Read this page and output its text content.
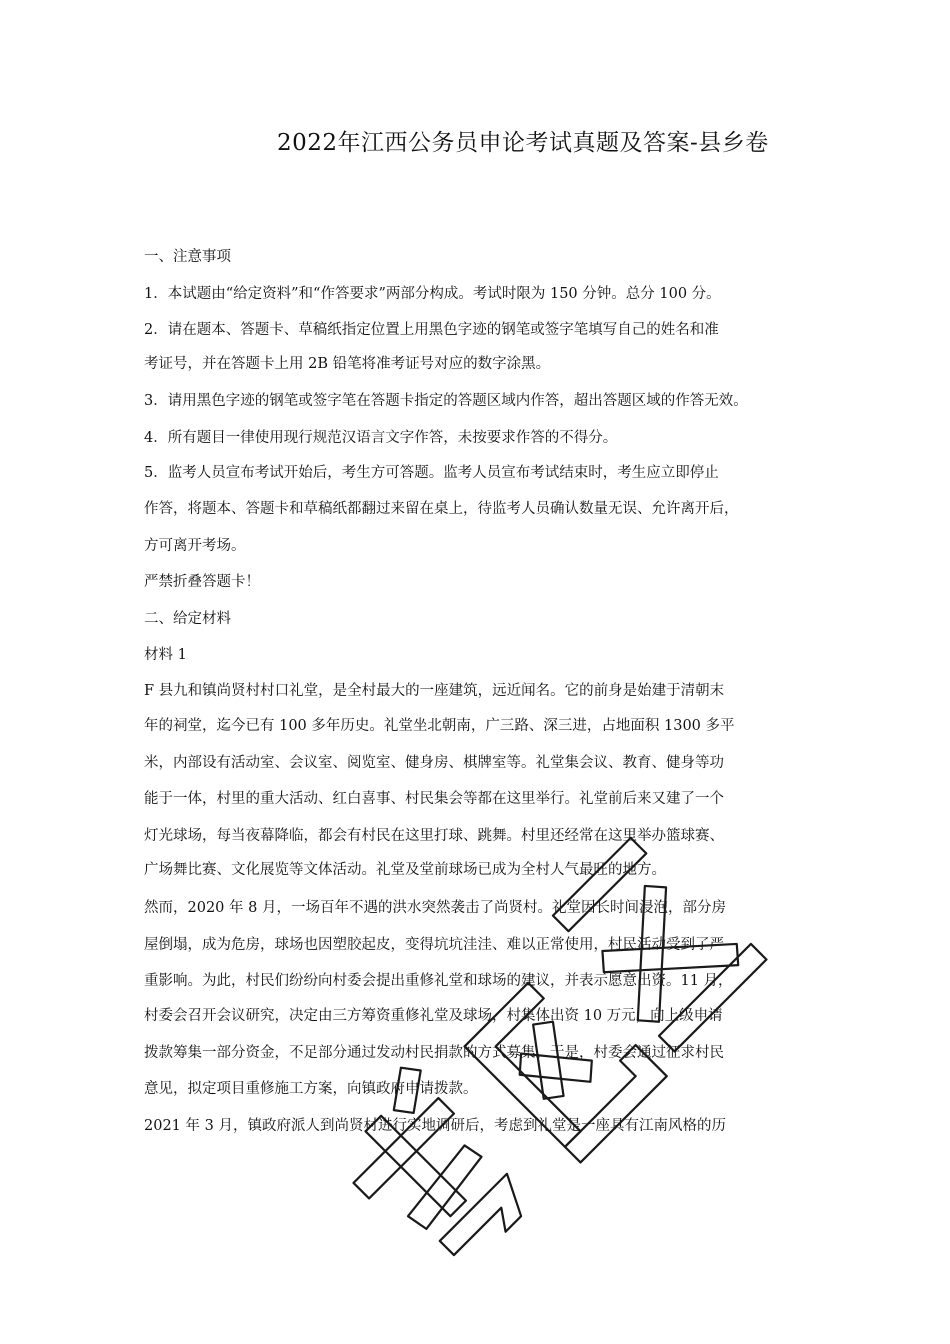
2022年江西公务员申论考试真题及答案-县乡卷
一、注意事项
1．本试题由“给定资料”和“作答要求”两部分构成。考试时限为 150 分钟。总分 100 分。
2．请在题本、答题卡、草稿纸指定位置上用黑色字迹的钢笔或签字笔填写自己的姓名和准
考证号，并在答题卡上用 2B 铅笔将准考证号对应的数字涂黑。
3．请用黑色字迹的钢笔或签字笔在答题卡指定的答题区域内作答，超出答题区域的作答无效。
4．所有题目一律使用现行规范汉语言文字作答，未按要求作答的不得分。
5．监考人员宣布考试开始后，考生方可答题。监考人员宣布考试结束时，考生应立即停止
作答，将题本、答题卡和草稿纸都翻过来留在桌上，待监考人员确认数量无误、允许离开后，
方可离开考场。
严禁折叠答题卡！
二、给定材料
材料 1
F 县九和镇尚贤村村口礼堂，是全村最大的一座建筑，远近闻名。它的前身是始建于清朝末
年的祠堂，迄今已有 100 多年历史。礼堂坐北朝南，广三路、深三进，占地面积 1300 多平
米，内部设有活动室、会议室、阅览室、健身房、棋牌室等。礼堂集会议、教育、健身等功
能于一体，村里的重大活动、红白喜事、村民集会等都在这里举行。礼堂前后来又建了一个
灯光球场，每当夜幕降临，都会有村民在这里打球、跳舞。村里还经常在这里举办篮球赛、
广场舞比赛、文化展览等文体活动。礼堂及堂前球场已成为全村人气最旺的地方。
然而，2020 年 8 月，一场百年不遇的洪水突然袭击了尚贤村。礼堂因长时间浸泡，部分房
屋倒塌，成为危房，球场也因塑胶起皮，变得坑坑洼洼、难以正常使用，村民活动受到了严
重影响。为此，村民们纷纷向村委会提出重修礼堂和球场的建议，并表示愿意出资。11 月，
村委会召开会议研究，决定由三方筹资重修礼堂及球场，村集体出资 10 万元，向上级申请
拨款筹集一部分资金，不足部分通过发动村民捐款的方式募集。于是，村委会通过征求村民
意见，拟定项目重修施工方案，向镇政府申请拨款。
2021 年 3 月，镇政府派人到尚贤村进行实地调研后，考虑到礼堂是一座具有江南风格的历
